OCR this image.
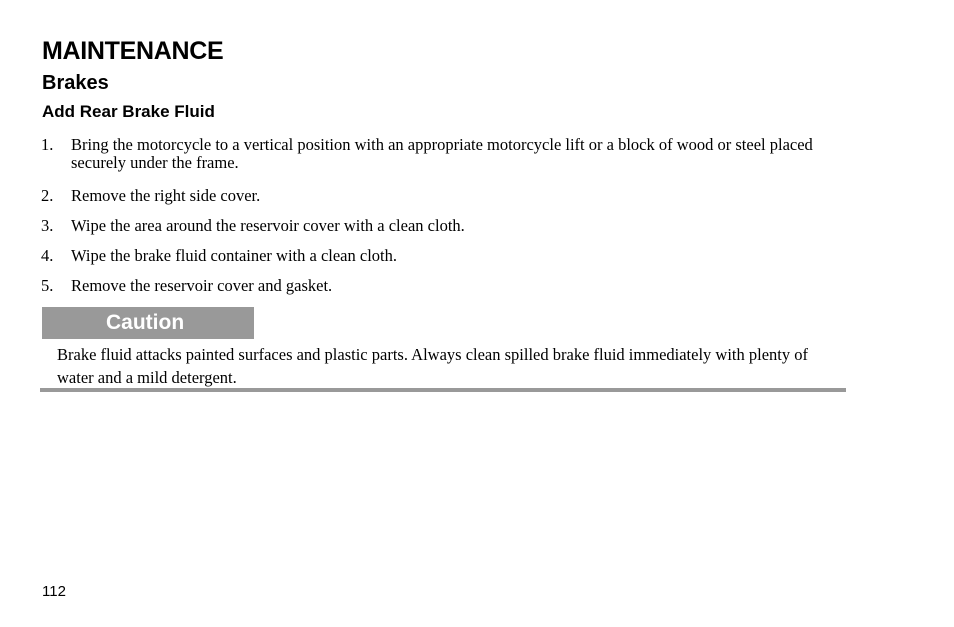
MAINTENANCE
Brakes
Add Rear Brake Fluid
1. Bring the motorcycle to a vertical position with an appropriate motorcycle lift or a block of wood or steel placed securely under the frame.
2. Remove the right side cover.
3. Wipe the area around the reservoir cover with a clean cloth.
4. Wipe the brake fluid container with a clean cloth.
5. Remove the reservoir cover and gasket.
Caution
Brake fluid attacks painted surfaces and plastic parts. Always clean spilled brake fluid immediately with plenty of water and a mild detergent.
112
